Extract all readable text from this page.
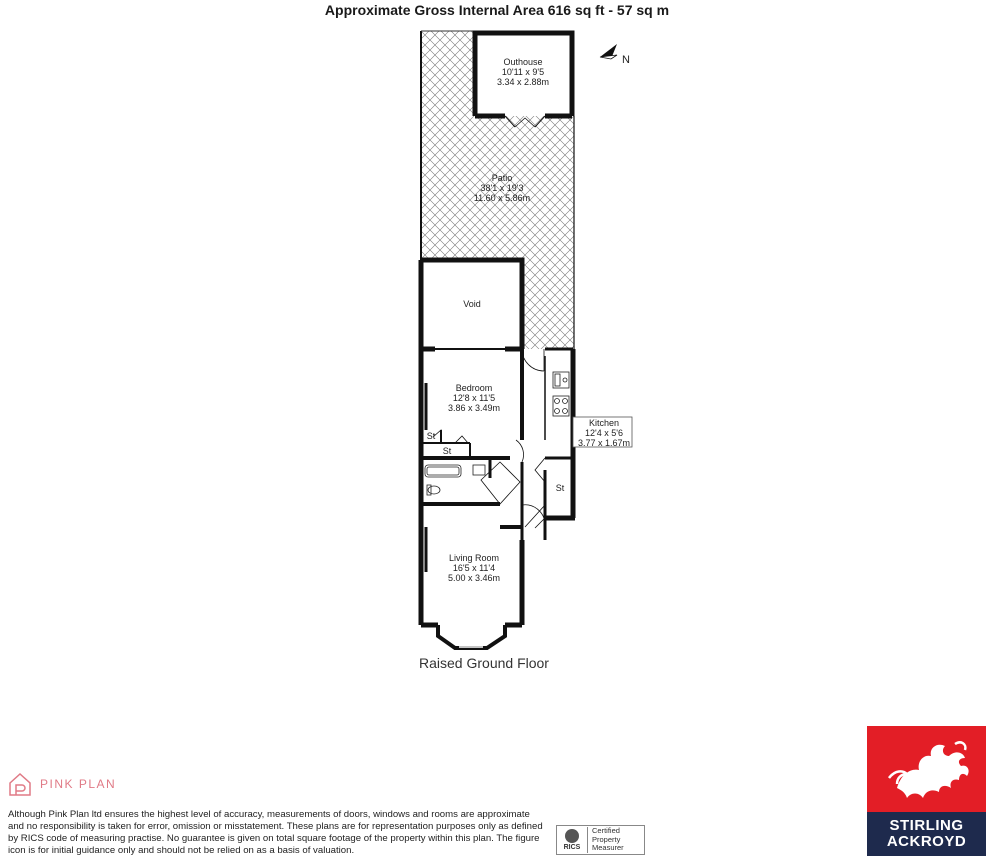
Approximate Gross Internal Area 616 sq ft - 57 sq m
N
Outhouse
10'11 x 9'5
3.34 x 2.88m
Patio
38'1 x 19'3
11.60 x 5.86m
Void
Bedroom
12'8 x 11'5
3.86 x 3.49m
Kitchen
12'4 x 5'6
3.77 x 1.67m
St
St
St
Living Room
16'5 x 11'4
5.00 x 3.46m
Raised Ground Floor
PINK PLAN
Although Pink Plan ltd ensures the highest level of accuracy, measurements of doors, windows and rooms are approximate and no responsibility is taken for error, omission or misstatement. These plans are for representation purposes only as defined by RICS code of measuring practise. No guarantee is given on total square footage of the property within this plan. The figure icon is for initial guidance only and should not be relied on as a basis of valuation.	RICS
Certified
Property
Measurer
STIRLING
ACKROYD
